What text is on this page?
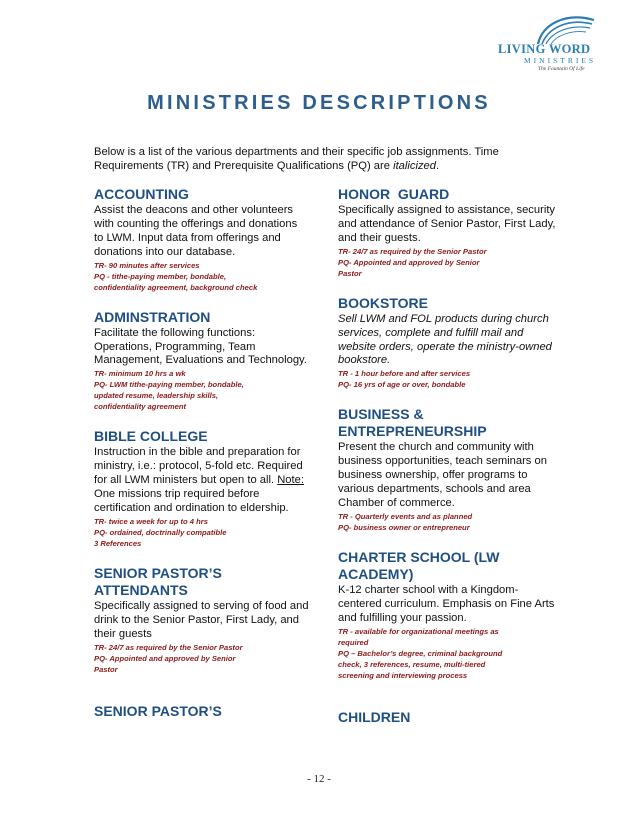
LIVING WORD
MINISTRIES
The Fountain Of Life
MINISTRIES DESCRIPTIONS

Below is a list of the various departments and their specific job assignments. Time Requirements (TR) and Prerequisite Qualifications (PQ) are italicized.

ACCOUNTING

Assist the deacons and other volunteers with counting the offerings and donations to LWM. Input data from offerings and donations into our database.

TR- 90 minutes after services

PQ - tithe-paying member, bondable,

confidentiality agreement, background check

ADMINSTRATION

Facilitate the following functions: Operations, Programming, Team Management, Evaluations and Technology.

TR- minimum 10 hrs a wk

PQ- LWM tithe-paying member, bondable,

updated resume, leadership skills,

confidentiality agreement

BIBLE COLLEGE

Instruction in the bible and preparation for ministry, i.e.: protocol, 5-fold etc. Required for all LWM ministers but open to all. Note: One missions trip required before certification and ordination to eldership.

TR- twice a week for up to 4 hrs

PQ- ordained, doctrinally compatible

3 References

SENIOR PASTOR’S ATTENDANTS

Specifically assigned to serving of food and drink to the Senior Pastor, First Lady, and their guests

TR- 24/7 as required by the Senior Pastor

PQ- Appointed and approved by Senior

Pastor

SENIOR PASTOR’S
HONOR  GUARD

Specifically assigned to assistance, security and attendance of Senior Pastor, First Lady, and their guests.

TR- 24/7 as required by the Senior Pastor

PQ- Appointed and approved by Senior

Pastor

BOOKSTORE

Sell LWM and FOL products during church services, complete and fulfill mail and website orders, operate the ministry-owned bookstore.

TR - 1 hour before and after services

PQ- 16 yrs of age or over, bondable

BUSINESS & ENTREPRENEURSHIP

Present the church and community with business opportunities, teach seminars on business ownership, offer programs to various departments, schools and area Chamber of commerce.

TR - Quarterly events and as planned

PQ- business owner or entrepreneur

CHARTER SCHOOL (LW ACADEMY)

K-12 charter school with a Kingdom-centered curriculum. Emphasis on Fine Arts and fulfilling your passion.

TR - available for organizational meetings as

required

PQ – Bachelor’s degree, criminal background

check, 3 references, resume, multi-tiered

screening and interviewing process

CHILDREN
- 12 -
